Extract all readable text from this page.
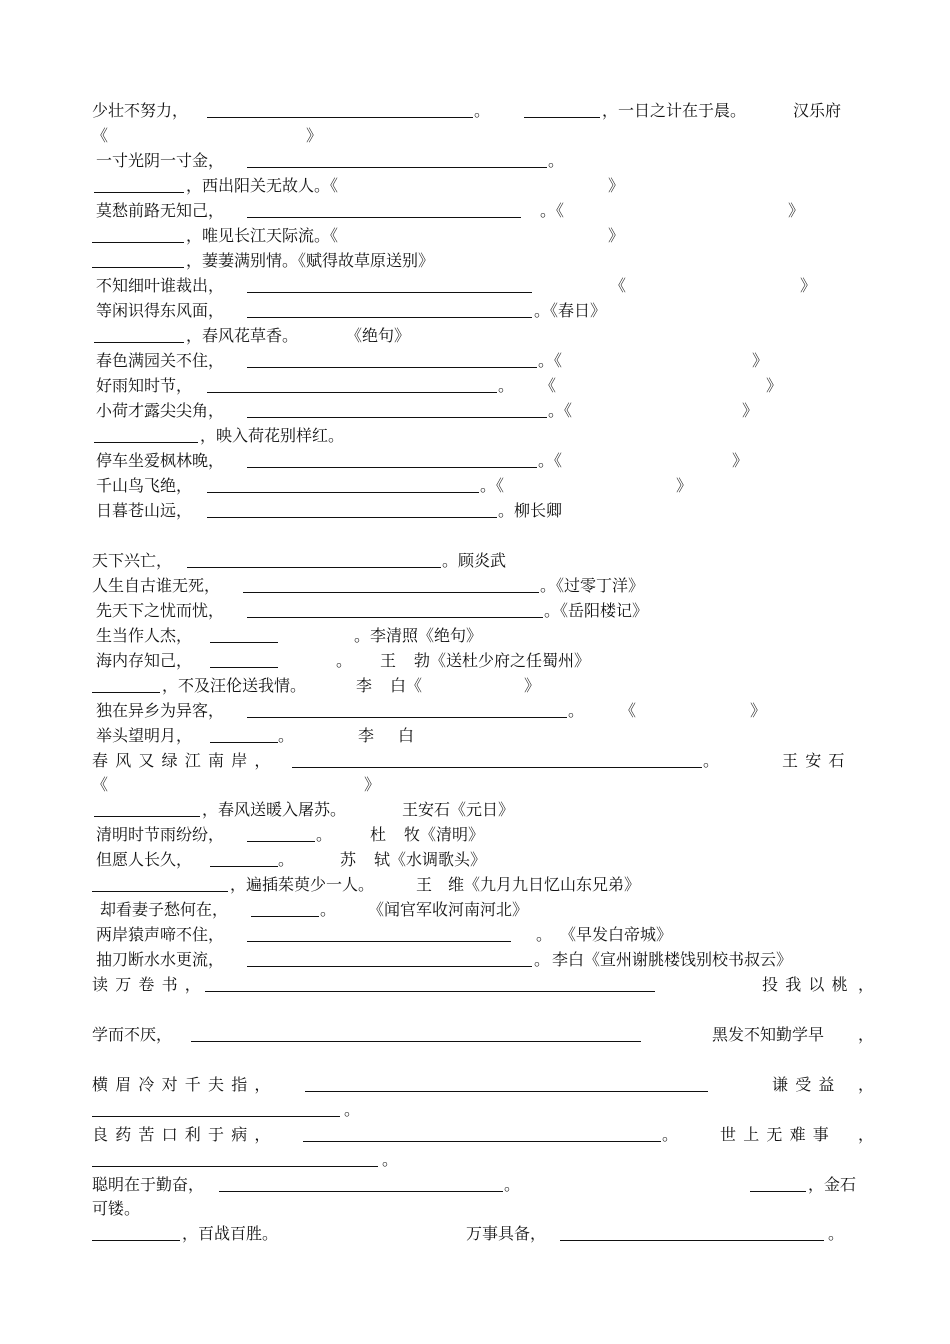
少壮不努力，	。	，一日之计在于晨。	汉乐府
《	》
一寸光阴一寸金，	。
，西出阳关无故人。《	》
莫愁前路无知己，	。《	》
，唯见长江天际流。《	》
，萋萋满别情。《赋得故草原送别》
不知细叶谁裁出，	《	》
等闲识得东风面，	。《春日》
，春风花草香。	《绝句》
春色满园关不住，	。《	》
好雨知时节，	。 《	》
小荷才露尖尖角，	。《	》
，映入荷花别样红。
停车坐爱枫林晚，	。《	》
千山鸟飞绝，	。《	》
日暮苍山远，	。柳长卿
天下兴亡，	。顾炎武
人生自古谁无死，	。《过零丁洋》
先天下之忧而忧，	。《岳阳楼记》
生当作人杰，	。李清照《绝句》
海内存知己，	。 王 勃《送杜少府之任蜀州》
，不及汪伦送我情。	李 白《	》
独在异乡为异客，	。 《	》
举头望明月，	。	李 白
春风又绿江南岸，	。	王安石
《	》
，春风送暖入屠苏。	王安石《元日》
清明时节雨纷纷，	。 杜 牧《清明》
但愿人长久，	。	苏 轼《水调歌头》
，遍插茱萸少一人。	王 维《九月九日忆山东兄弟》
却看妻子愁何在，	。 《闻官军收河南河北》
两岸猿声啼不住，	。 《早发白帝城》
抽刀断水水更流，	。 李白《宣州谢朓楼饯别校书叔云》
读万卷书，	投我以桃 ，
学而不厌，	黑发不知勤学早 ，
横眉冷对千夫指，	谦受益 ，
。
良药苦口利于病，	。	世上无难事 ，
。
聪明在于勤奋，	。	，金石
可镂。
，百战百胜。	万事具备，	。
